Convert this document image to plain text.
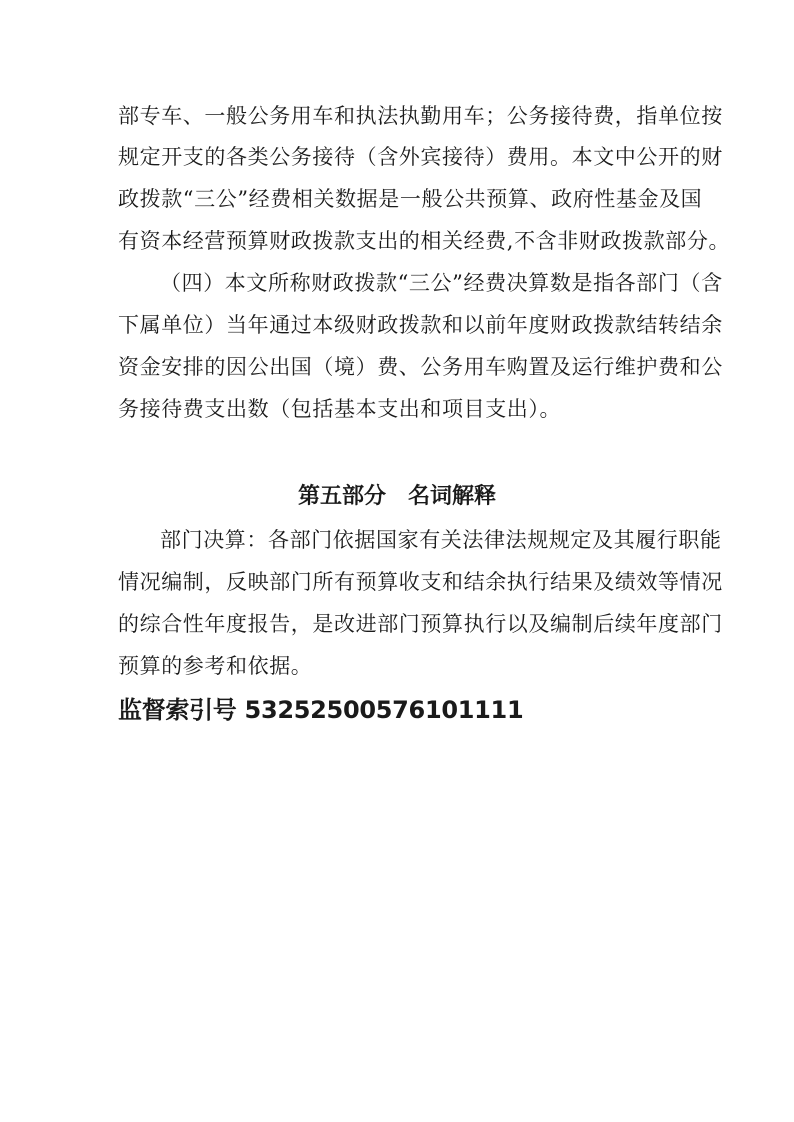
部专车、一般公务用车和执法执勤用车；公务接待费，指单位按
规定开支的各类公务接待（含外宾接待）费用。本文中公开的财
政拨款“三公”经费相关数据是一般公共预算、政府性基金及国
有资本经营预算财政拨款支出的相关经费,不含非财政拨款部分。
（四）本文所称财政拨款“三公”经费决算数是指各部门（含
下属单位）当年通过本级财政拨款和以前年度财政拨款结转结余
资金安排的因公出国（境）费、公务用车购置及运行维护费和公
务接待费支出数（包括基本支出和项目支出）。
第五部分　名词解释
部门决算：各部门依据国家有关法律法规规定及其履行职能
情况编制，反映部门所有预算收支和结余执行结果及绩效等情况
的综合性年度报告，是改进部门预算执行以及编制后续年度部门
预算的参考和依据。
监督索引号 53252500576101111
